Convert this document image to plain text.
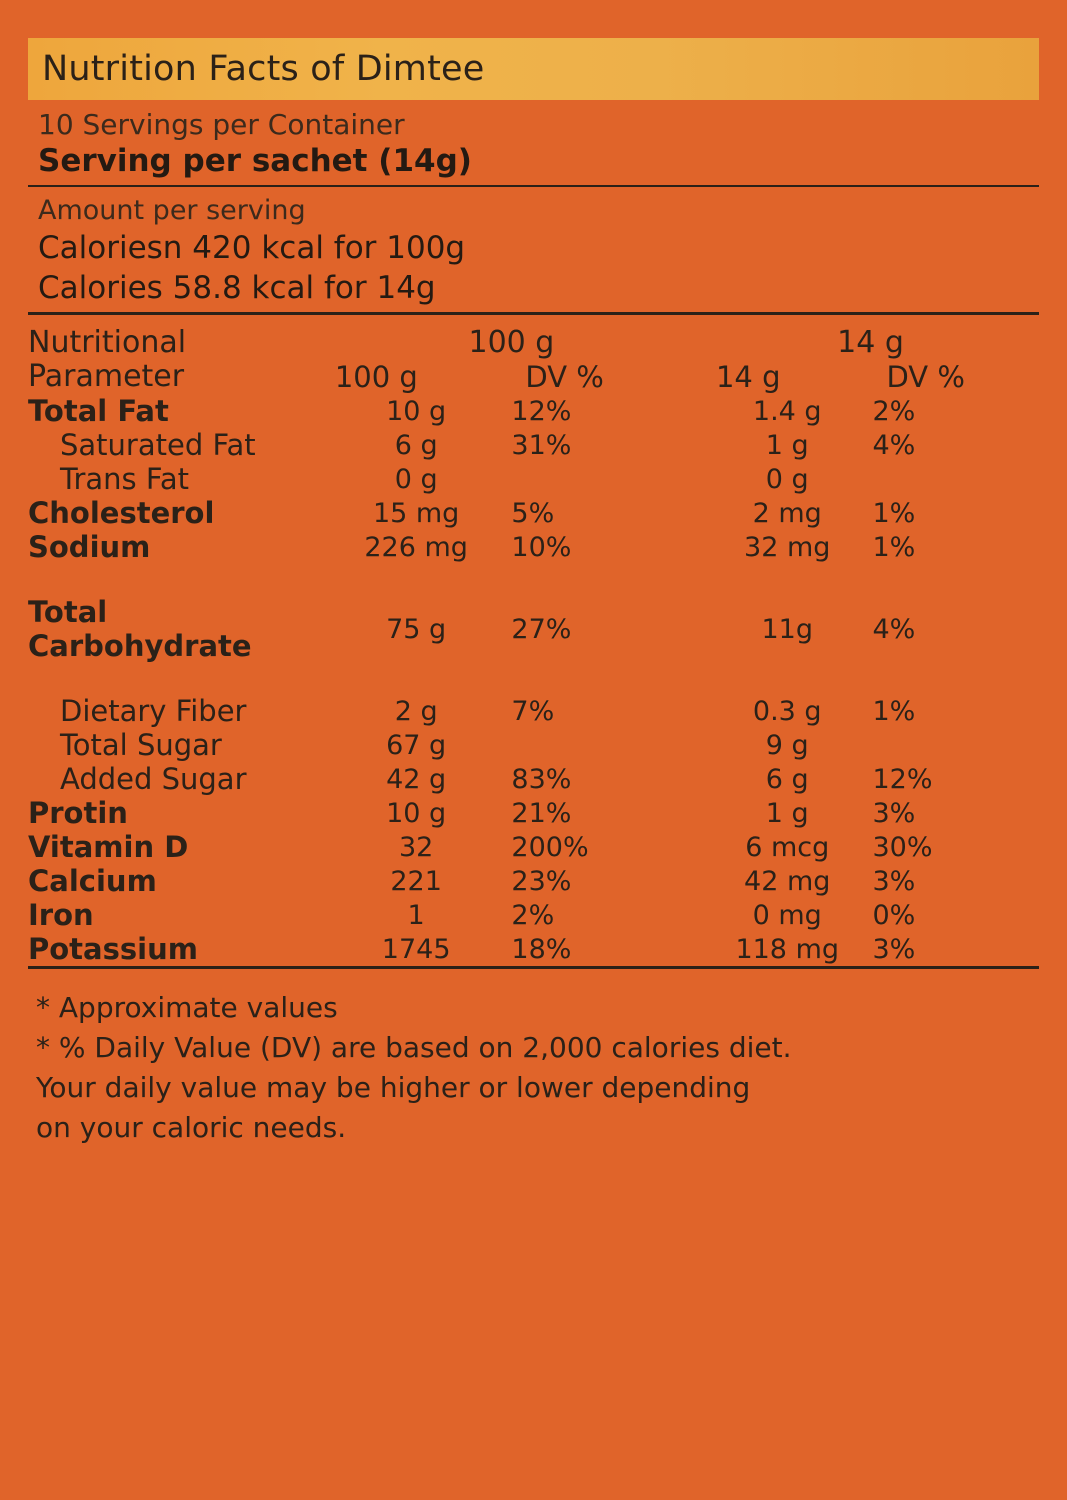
Nutrition Facts of Dimtee
10 Servings per Container
Serving per sachet (14g)
Amount per serving
Caloriesn 420 kcal for 100g
Calories 58.8 kcal for 14g
Nutritional
Parameter	100 g		14 g	
	100 g	DV %	14 g	DV %
Total Fat	10 g	12%	1.4 g	2%
Saturated Fat	6 g	31%	1 g	4%
Trans Fat	0 g		0 g	
Cholesterol	15 mg	5%	2 mg	1%
Sodium	226 mg	10%	32 mg	1%
Total Carbohydrate	75 g	27%	11g	4%
Dietary Fiber	2 g	7%	0.3 g	1%
Total Sugar	67 g		9 g	
Added Sugar	42 g	83%	6 g	12%
Protin	10 g	21%	1 g	3%
Vitamin D	32	200%	6 mcg	30%
Calcium	221	23%	42 mg	3%
Iron	1	2%	0 mg	0%
Potassium	1745	18%	118 mg	3%

* Approximate values

* % Daily Value (DV) are based on 2,000 calories diet.

Your daily value may be higher or lower depending

on your caloric needs.
